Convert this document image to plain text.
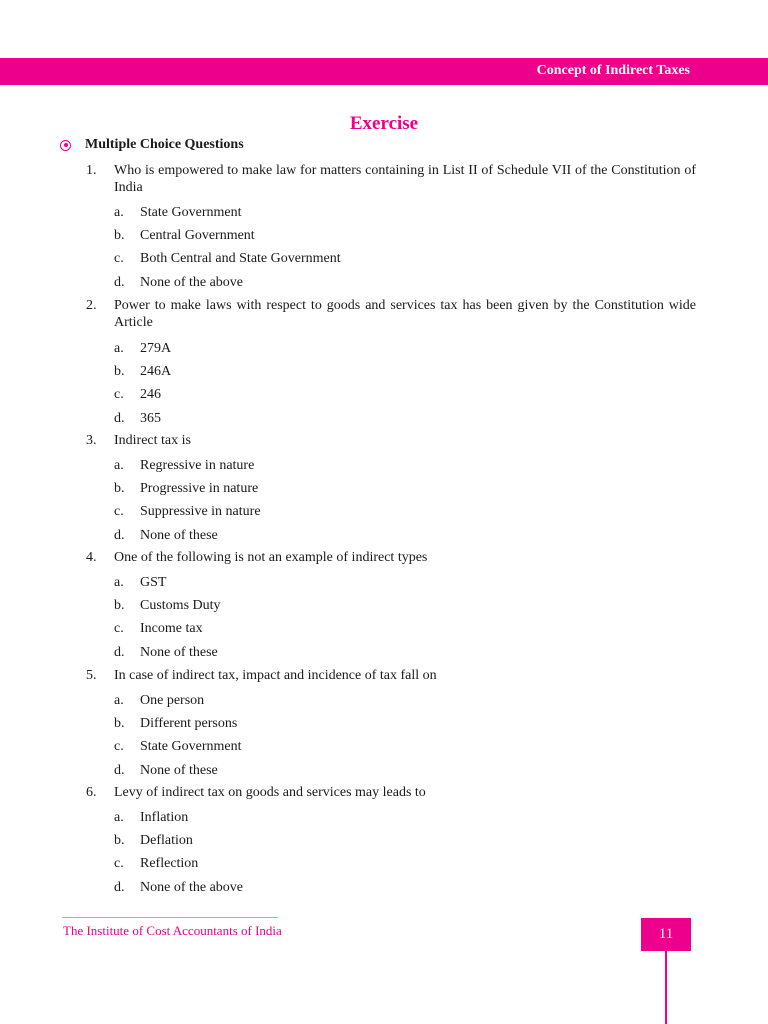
Concept of Indirect Taxes
Exercise
Multiple Choice Questions
1.	Who is empowered to make law for matters containing in List II of Schedule VII of the Constitution of India
a.	State Government
b.	Central Government
c.	Both Central and State Government
d.	None of the above
2.	Power to make laws with respect to goods and services tax has been given by the Constitution wide Article
a.	279A
b.	246A
c.	246
d.	365
3.	Indirect tax is
a.	Regressive in nature
b.	Progressive in nature
c.	Suppressive in nature
d.	None of these
4.	One of the following is not an example of indirect types
a.	GST
b.	Customs Duty
c.	Income tax
d.	None of these
5.	In case of indirect tax, impact and incidence of tax fall on
a.	One person
b.	Different persons
c.	State Government
d.	None of these
6.	Levy of indirect tax on goods and services may leads to
a.	Inflation
b.	Deflation
c.	Reflection
d.	None of the above
The Institute of Cost Accountants of India	11
